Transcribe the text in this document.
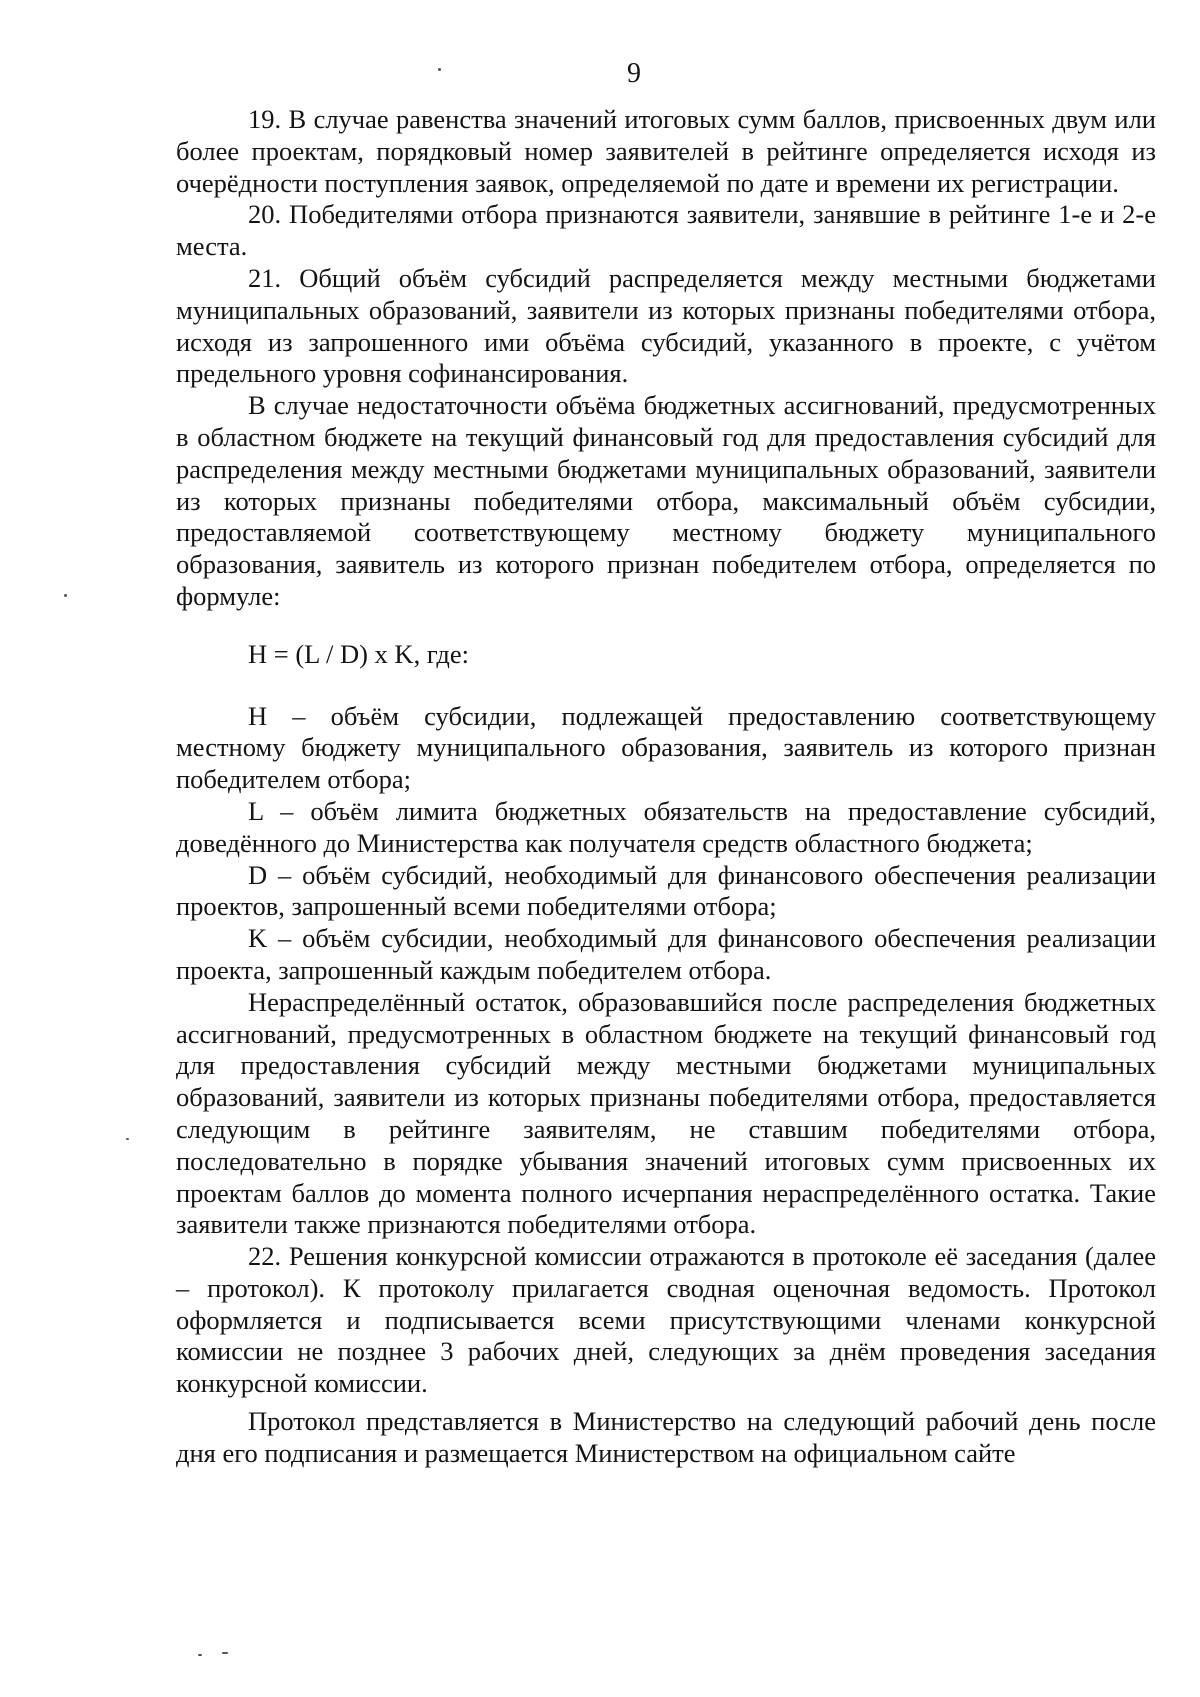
9

19. В случае равенства значений итоговых сумм баллов, присвоенных двум или более проектам, порядковый номер заявителей в рейтинге определяется исходя из очерёдности поступления заявок, определяемой по дате и времени их регистрации.

20. Победителями отбора признаются заявители, занявшие в рейтинге 1-е и 2-е места.

21. Общий объём субсидий распределяется между местными бюджетами муниципальных образований, заявители из которых признаны победителями отбора, исходя из запрошенного ими объёма субсидий, указанного в проекте, с учётом предельного уровня софинансирования.

В случае недостаточности объёма бюджетных ассигнований, предусмотренных в областном бюджете на текущий финансовый год для предоставления субсидий для распределения между местными бюджетами муниципальных образований, заявители из которых признаны победителями отбора, максимальный объём субсидии, предоставляемой соответствующему местному бюджету муниципального образования, заявитель из которого признан победителем отбора, определяется по формуле:

H = (L / D) x K, где:

H – объём субсидии, подлежащей предоставлению соответствующему местному бюджету муниципального образования, заявитель из которого признан победителем отбора;

L – объём лимита бюджетных обязательств на предоставление субсидий, доведённого до Министерства как получателя средств областного бюджета;

D – объём субсидий, необходимый для финансового обеспечения реализации проектов, запрошенный всеми победителями отбора;

K – объём субсидии, необходимый для финансового обеспечения реализации проекта, запрошенный каждым победителем отбора.

Нераспределённый остаток, образовавшийся после распределения бюджетных ассигнований, предусмотренных в областном бюджете на текущий финансовый год для предоставления субсидий между местными бюджетами муниципальных образований, заявители из которых признаны победителями отбора, предоставляется следующим в рейтинге заявителям, не ставшим победителями отбора, последовательно в порядке убывания значений итоговых сумм присвоенных их проектам баллов до момента полного исчерпания нераспределённого остатка. Такие заявители также признаются победителями отбора.

22. Решения конкурсной комиссии отражаются в протоколе её заседания (далее – протокол). К протоколу прилагается сводная оценочная ведомость. Протокол оформляется и подписывается всеми присутствующими членами конкурсной комиссии не позднее 3 рабочих дней, следующих за днём проведения заседания конкурсной комиссии.

Протокол представляется в Министерство на следующий рабочий день после дня его подписания и размещается Министерством на официальном сайте
